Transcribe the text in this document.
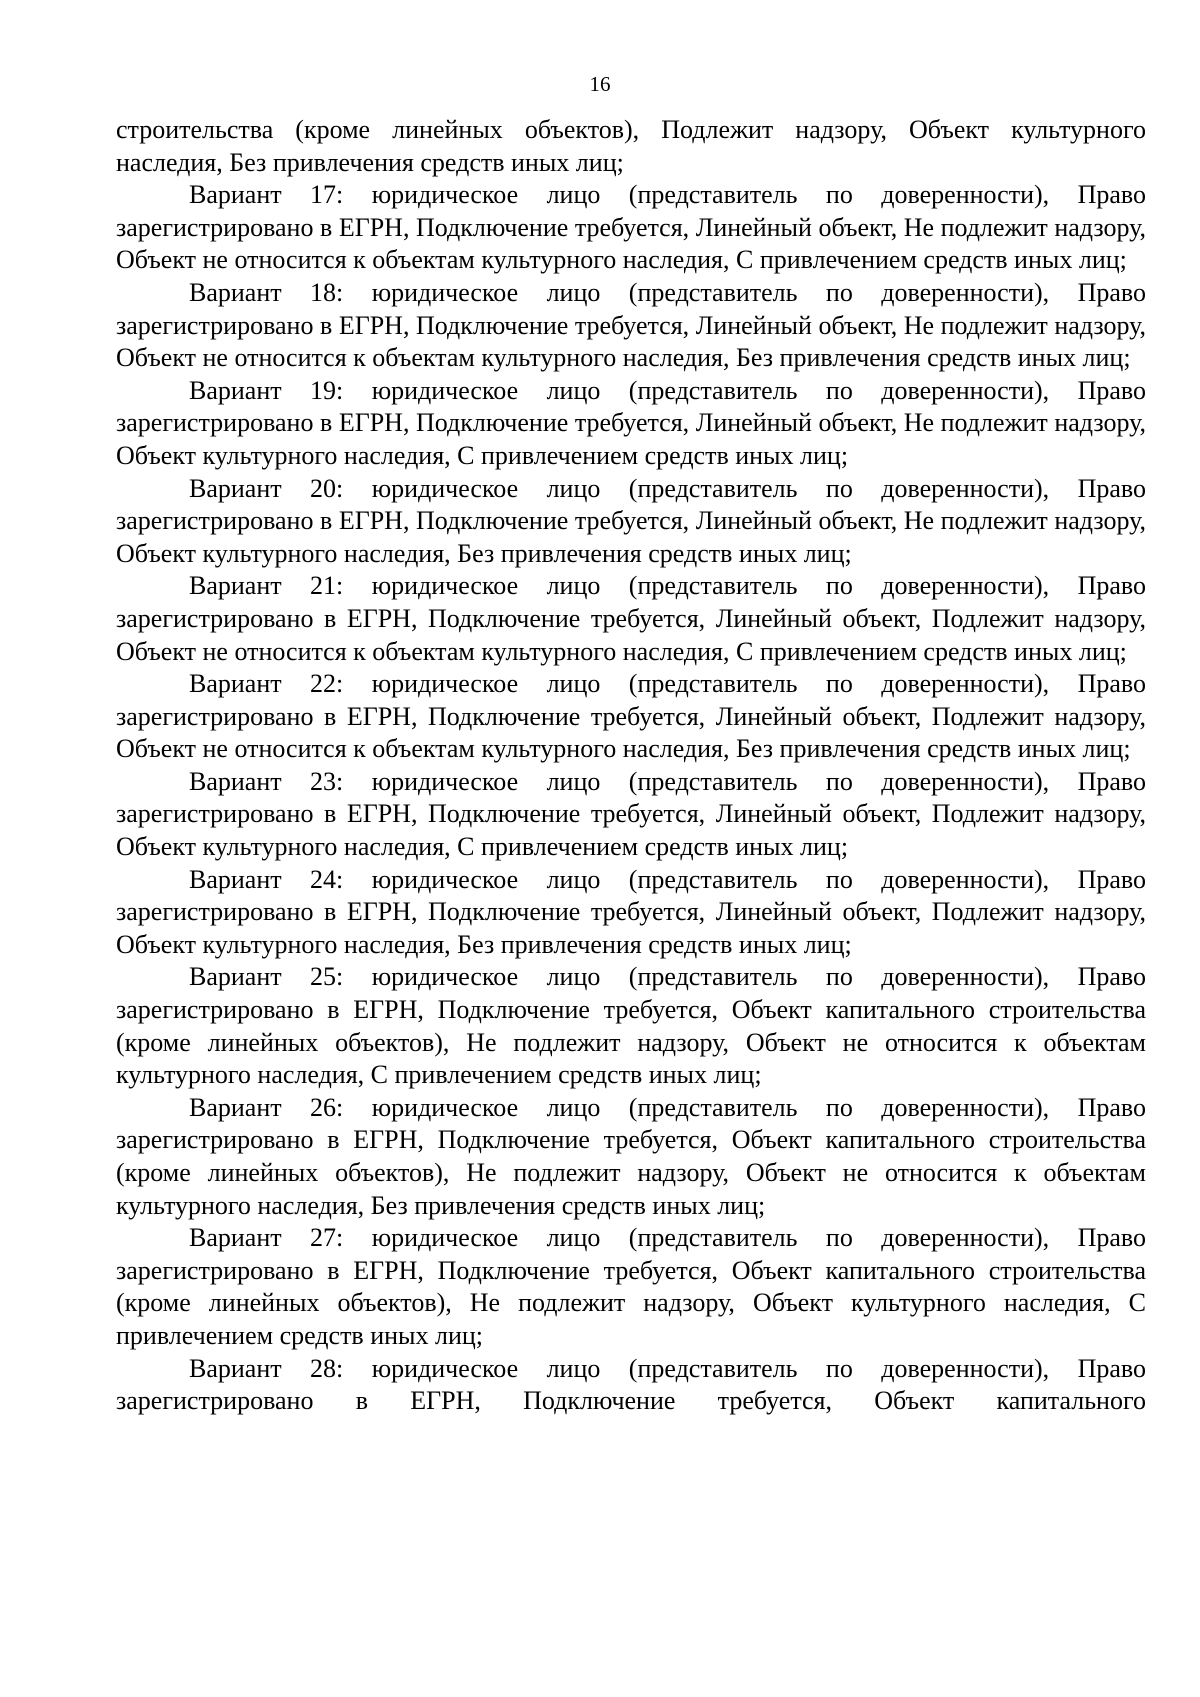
16

строительства (кроме линейных объектов), Подлежит надзору, Объект культурного наследия, Без привлечения средств иных лиц;

Вариант 17: юридическое лицо (представитель по доверенности), Право зарегистрировано в ЕГРН, Подключение требуется, Линейный объект, Не подлежит надзору, Объект не относится к объектам культурного наследия, С привлечением средств иных лиц;

Вариант 18: юридическое лицо (представитель по доверенности), Право зарегистрировано в ЕГРН, Подключение требуется, Линейный объект, Не подлежит надзору, Объект не относится к объектам культурного наследия, Без привлечения средств иных лиц;

Вариант 19: юридическое лицо (представитель по доверенности), Право зарегистрировано в ЕГРН, Подключение требуется, Линейный объект, Не подлежит надзору, Объект культурного наследия, С привлечением средств иных лиц;

Вариант 20: юридическое лицо (представитель по доверенности), Право зарегистрировано в ЕГРН, Подключение требуется, Линейный объект, Не подлежит надзору, Объект культурного наследия, Без привлечения средств иных лиц;

Вариант 21: юридическое лицо (представитель по доверенности), Право зарегистрировано в ЕГРН, Подключение требуется, Линейный объект, Подлежит надзору, Объект не относится к объектам культурного наследия, С привлечением средств иных лиц;

Вариант 22: юридическое лицо (представитель по доверенности), Право зарегистрировано в ЕГРН, Подключение требуется, Линейный объект, Подлежит надзору, Объект не относится к объектам культурного наследия, Без привлечения средств иных лиц;

Вариант 23: юридическое лицо (представитель по доверенности), Право зарегистрировано в ЕГРН, Подключение требуется, Линейный объект, Подлежит надзору, Объект культурного наследия, С привлечением средств иных лиц;

Вариант 24: юридическое лицо (представитель по доверенности), Право зарегистрировано в ЕГРН, Подключение требуется, Линейный объект, Подлежит надзору, Объект культурного наследия, Без привлечения средств иных лиц;

Вариант 25: юридическое лицо (представитель по доверенности), Право зарегистрировано в ЕГРН, Подключение требуется, Объект капитального строительства (кроме линейных объектов), Не подлежит надзору, Объект не относится к объектам культурного наследия, С привлечением средств иных лиц;

Вариант 26: юридическое лицо (представитель по доверенности), Право зарегистрировано в ЕГРН, Подключение требуется, Объект капитального строительства (кроме линейных объектов), Не подлежит надзору, Объект не относится к объектам культурного наследия, Без привлечения средств иных лиц;

Вариант 27: юридическое лицо (представитель по доверенности), Право зарегистрировано в ЕГРН, Подключение требуется, Объект капитального строительства (кроме линейных объектов), Не подлежит надзору, Объект культурного наследия, С привлечением средств иных лиц;

Вариант 28: юридическое лицо (представитель по доверенности), Право зарегистрировано в ЕГРН, Подключение требуется, Объект капитального
